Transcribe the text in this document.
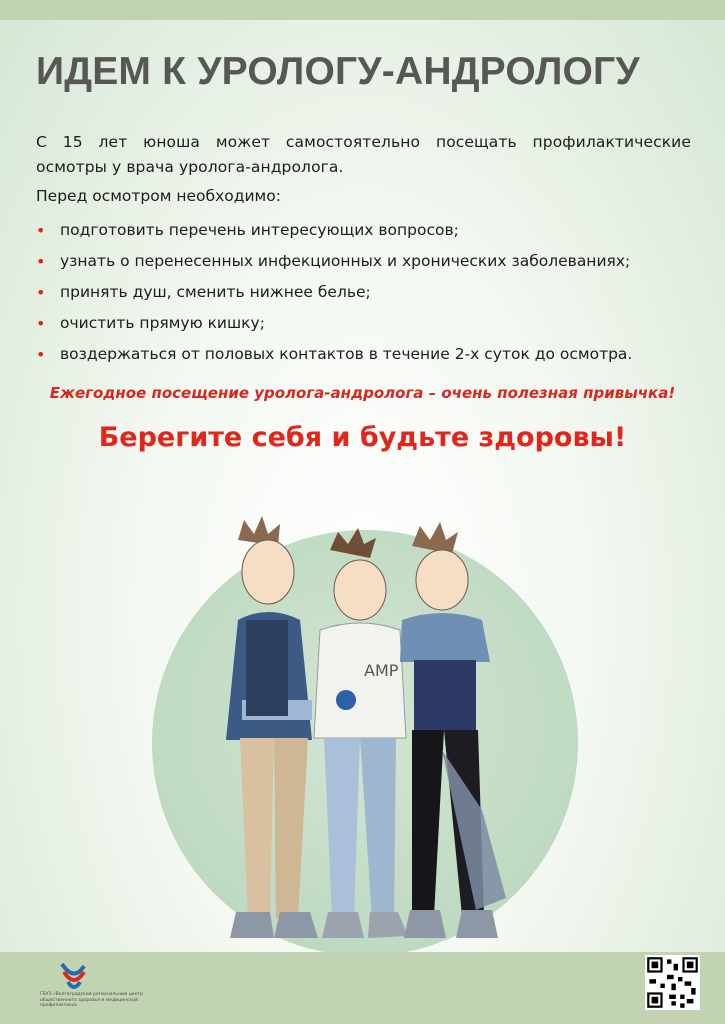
ИДЕМ К УРОЛОГУ-АНДРОЛОГУ

С 15 лет юноша может самостоятельно посещать профилактические осмотры у врача уролога-андролога.

Перед осмотром необходимо:

• подготовить перечень интересующих вопросов;
• узнать о перенесенных инфекционных и хронических заболеваниях;
• принять душ, сменить нижнее белье;
• очистить прямую кишку;
• воздержаться от половых контактов в течение 2-х суток до осмотра.

Ежегодное посещение уролога-андролога – очень полезная привычка!

Берегите себя и будьте здоровы!

AMP
ГБУЗ «Волгоградский региональный центр общественного здоровья и медицинской профилактики»
